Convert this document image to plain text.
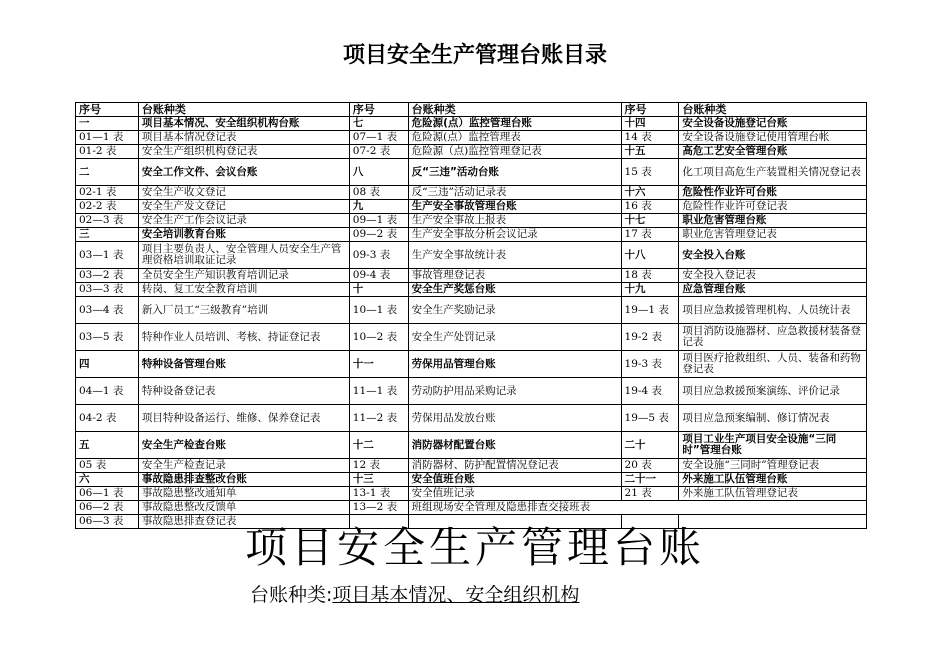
项目安全生产管理台账目录
序号	台账种类	序号	台账种类	序号	台账种类
一	项目基本情况、安全组织机构台账	七	危险源(点）监控管理台账	十四	安全设备设施登记台账
01—1 表	项目基本情况登记表	07—1 表	危险源(点）监控管理表	14 表	安全设备设施登记使用管理台帐
01-2 表	安全生产组织机构登记表	07-2 表	危险源（点)监控管理登记表	十五	高危工艺安全管理台账
二	安全工作文件、会议台账	八	反“三违”活动台账	15 表	化工项目高危生产装置相关情况登记表
02-1 表	安全生产收文登记	08 表	反“三违”活动记录表	十六	危险性作业许可台账
02-2 表	安全生产发文登记	九	生产安全事故管理台账	16 表	危险性作业许可登记表
02—3 表	安全生产工作会议记录	09—1 表	生产安全事故上报表	十七	职业危害管理台账
三	安全培训教育台账	09—2 表	生产安全事故分析会议记录	17 表	职业危害管理登记表
03—1 表	项目主要负责人、安全管理人员安全生产管理资格培训取证记录	09-3 表	生产安全事故统计表	十八	安全投入台账
03—2 表	全员安全生产知识教育培训记录	09-4 表	事故管理登记表	18 表	安全投入登记表
03—3 表	转岗、复工安全教育培训	十	安全生产奖惩台账	十九	应急管理台账
03—4 表	新入厂员工“三级教育”培训	10—1 表	安全生产奖励记录	19—1 表	项目应急救援管理机构、人员统计表
03—5 表	特种作业人员培训、考核、持证登记表	10—2 表	安全生产处罚记录	19-2 表	项目消防设施器材、应急救援材装备登记表
四	特种设备管理台账	十一	劳保用品管理台账	19-3 表	项目医疗抢救组织、人员、装备和药物登记表
04—1 表	特种设备登记表	11—1 表	劳动防护用品采购记录	19-4 表	项目应急救援预案演练、评价记录
04-2 表	项目特种设备运行、维修、保养登记表	11—2 表	劳保用品发放台账	19—5 表	项目应急预案编制、修订情况表
五	安全生产检查台账	十二	消防器材配置台账	二十	项目工业生产项目安全设施“三同时”管理台账
05 表	安全生产检查记录	12 表	消防器材、防护配置情况登记表	20 表	安全设施“三同时”管理登记表
六	事故隐患排查整改台账	十三	安全值班台账	二十一	外来施工队伍管理台账
06—1 表	事故隐患整改通知单	13-1 表	安全值班记录	21 表	外来施工队伍管理登记表
06—2 表	事故隐患整改反馈单	13—2 表	班组现场安全管理及隐患排查交接班表		
06—3 表	事故隐患排查登记表				
项目安全生产管理台账
台账种类:项目基本情况、安全组织机构
